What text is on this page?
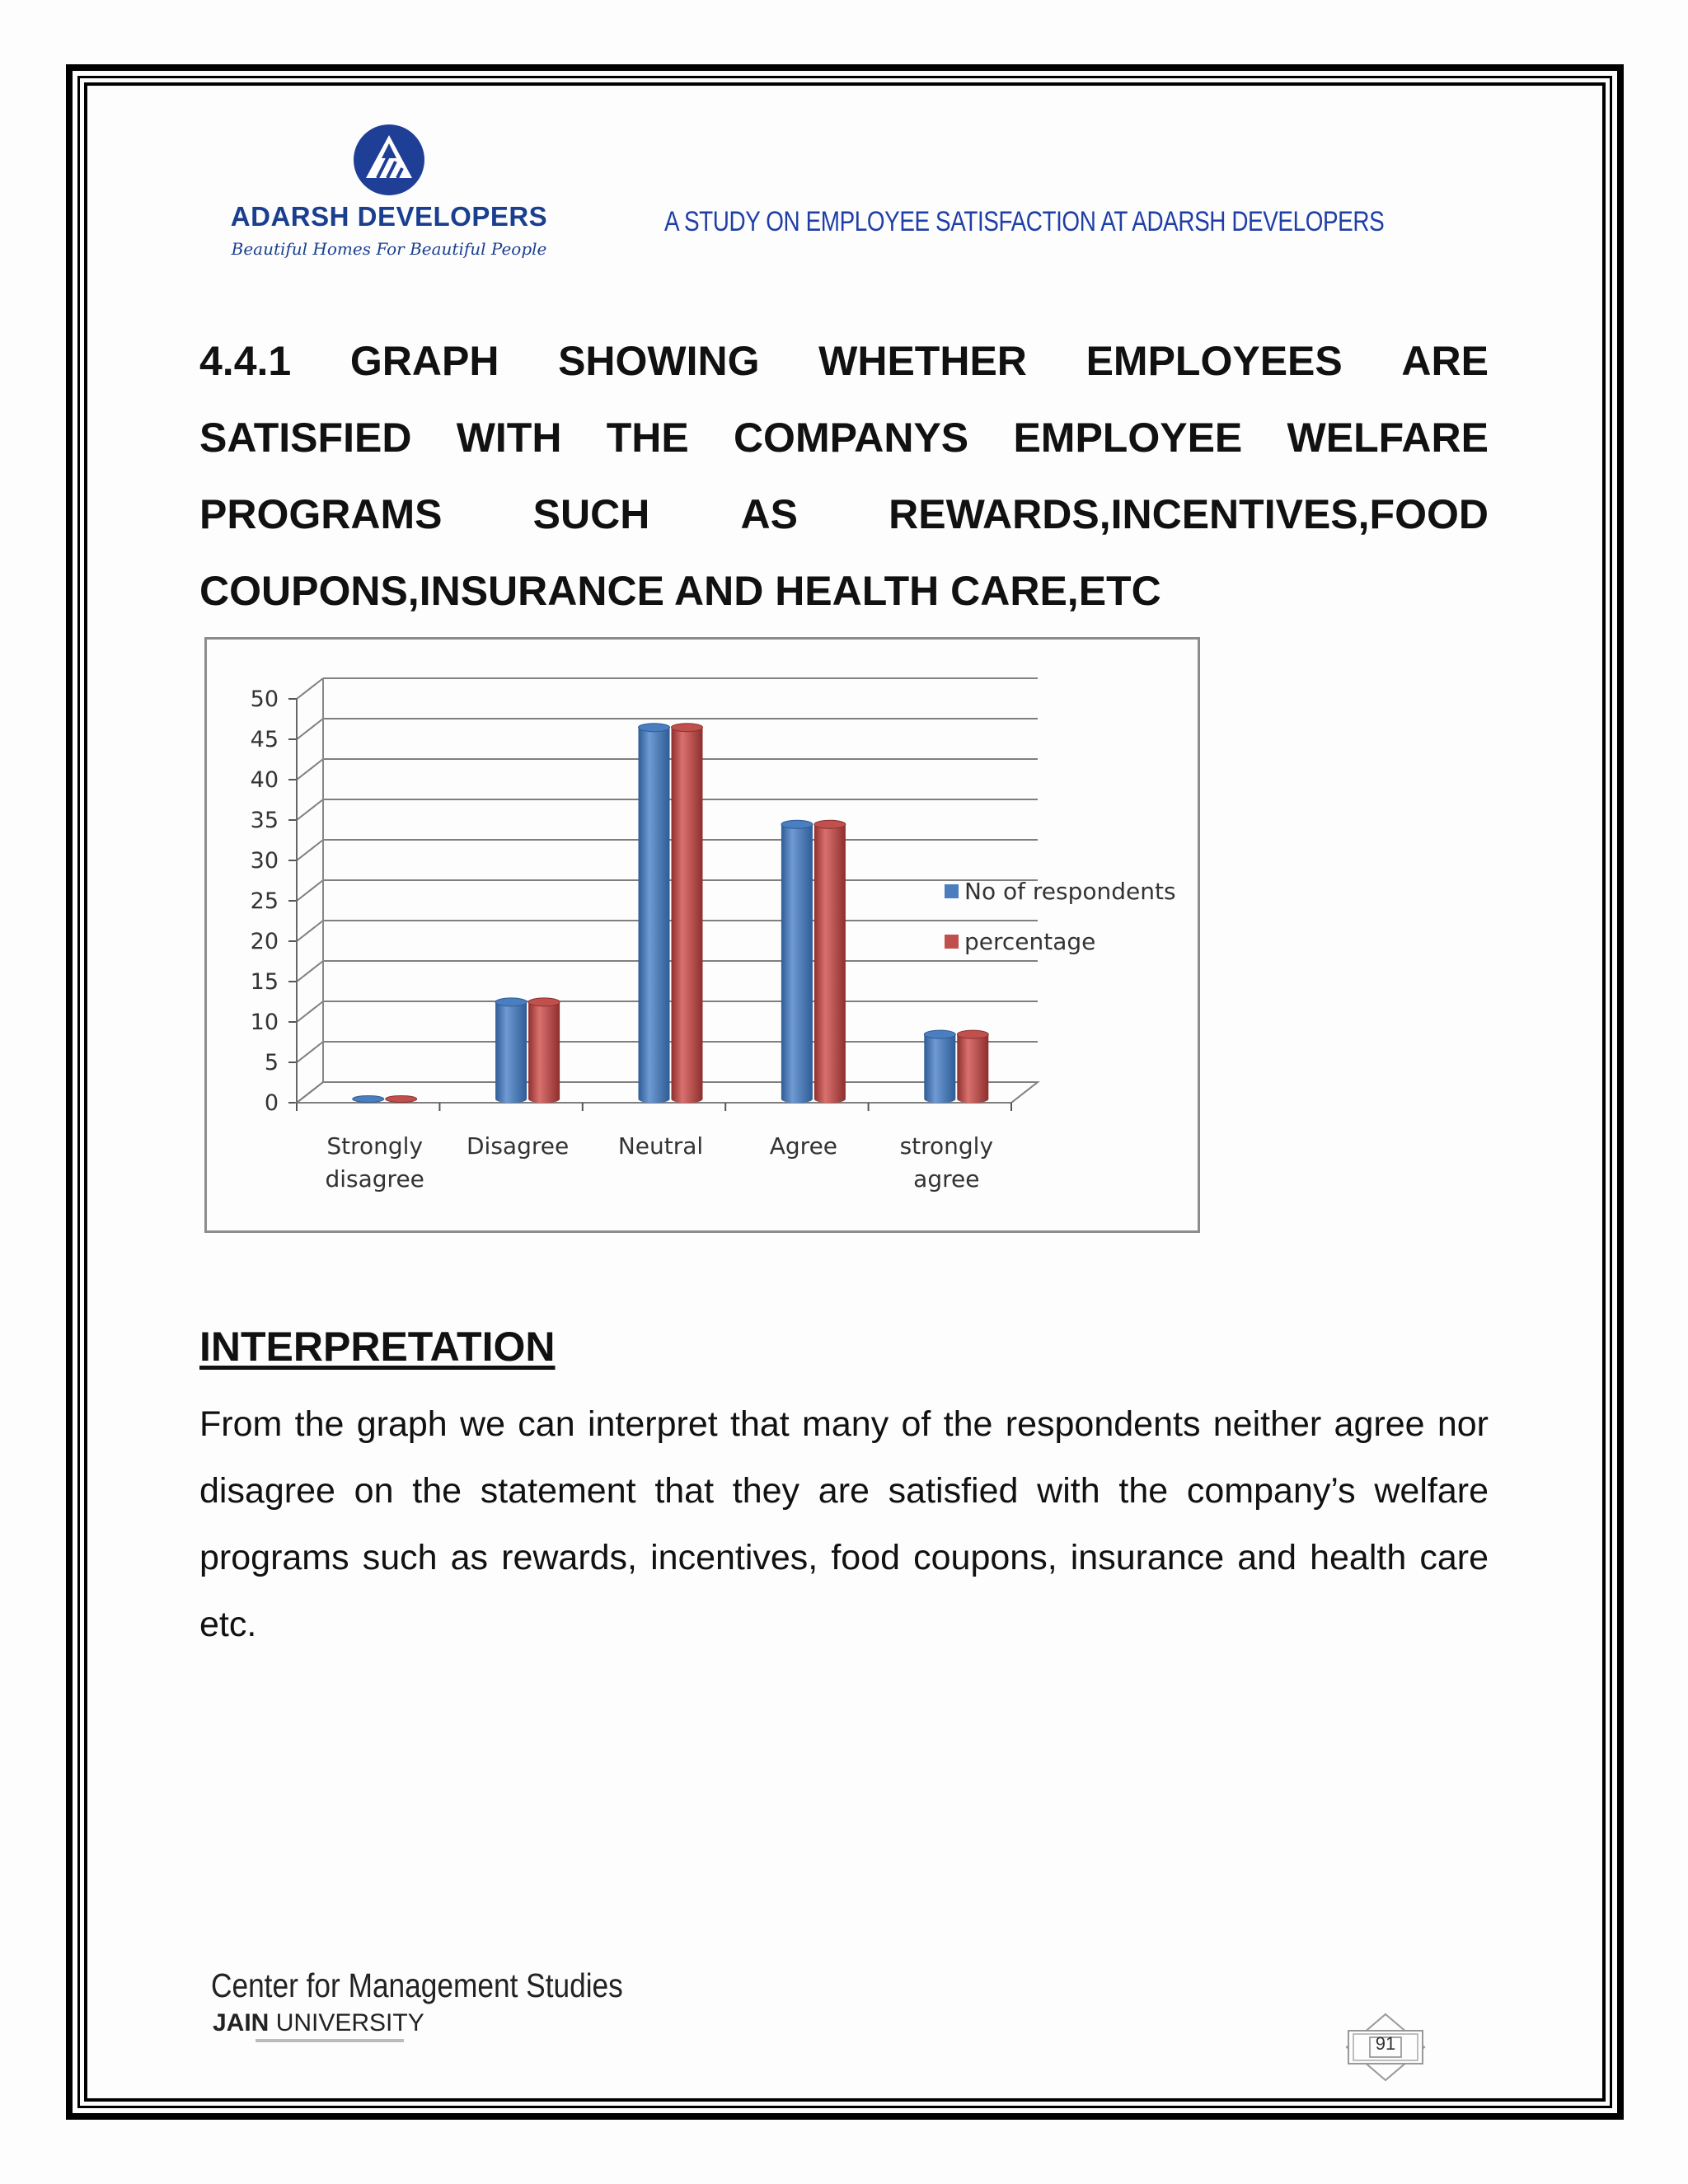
ADARSH DEVELOPERS
Beautiful Homes For Beautiful People
A STUDY ON EMPLOYEE SATISFACTION AT ADARSH DEVELOPERS
4.4.1 GRAPH SHOWING WHETHER EMPLOYEES ARE
SATISFIED WITH THE COMPANYS EMPLOYEE WELFARE
PROGRAMS SUCH AS REWARDS,INCENTIVES,FOOD
COUPONS,INSURANCE AND HEALTH CARE,ETC
0
5
10
15
20
25
30
35
40
45
50
Strongly
disagree
Disagree Neutral	Agree	strongly
agree
No of respondents
percentage
INTERPRETATION
From the graph we can interpret that many of the respondents neither agree nor disagree on the statement that they are satisfied with the company’s welfare programs such as rewards, incentives, food coupons, insurance and health care etc.
Center for Management Studies
JAIN UNIVERSITY
91
